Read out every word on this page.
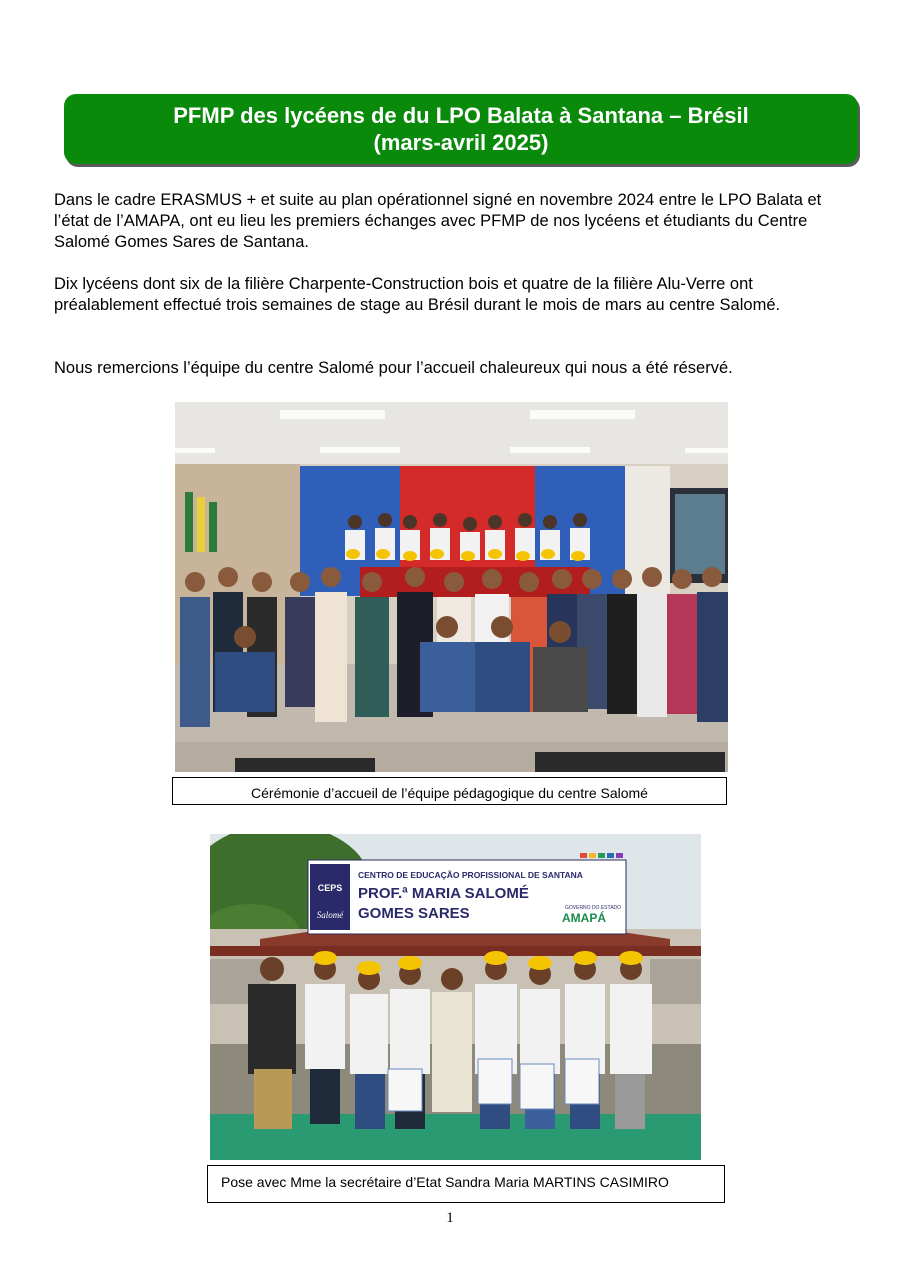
PFMP des lycéens de du LPO Balata à Santana – Brésil
(mars-avril 2025)

Dans le cadre ERASMUS + et suite au plan opérationnel signé en novembre 2024 entre le LPO Balata et l’état de l’AMAPA, ont eu lieu les premiers échanges avec PFMP de nos lycéens et étudiants du Centre Salomé Gomes Sares de Santana.

Dix lycéens dont six de la filière Charpente-Construction bois et quatre de la filière Alu-Verre ont préalablement effectué trois semaines de stage au Brésil durant le mois de mars au centre Salomé.

Nous remercions l’équipe du centre Salomé pour l’accueil chaleureux qui nous a été réservé.

Cérémonie d’accueil de l’équipe pédagogique du centre Salomé
CEPS
Salomé
CENTRO DE EDUCAÇÃO PROFISSIONAL DE SANTANA
PROF.ª MARIA SALOMÉ
GOMES SARES	GOVERNO DO ESTADO
AMAPÁ
Pose avec Mme la secrétaire d’Etat Sandra Maria MARTINS CASIMIRO
1
